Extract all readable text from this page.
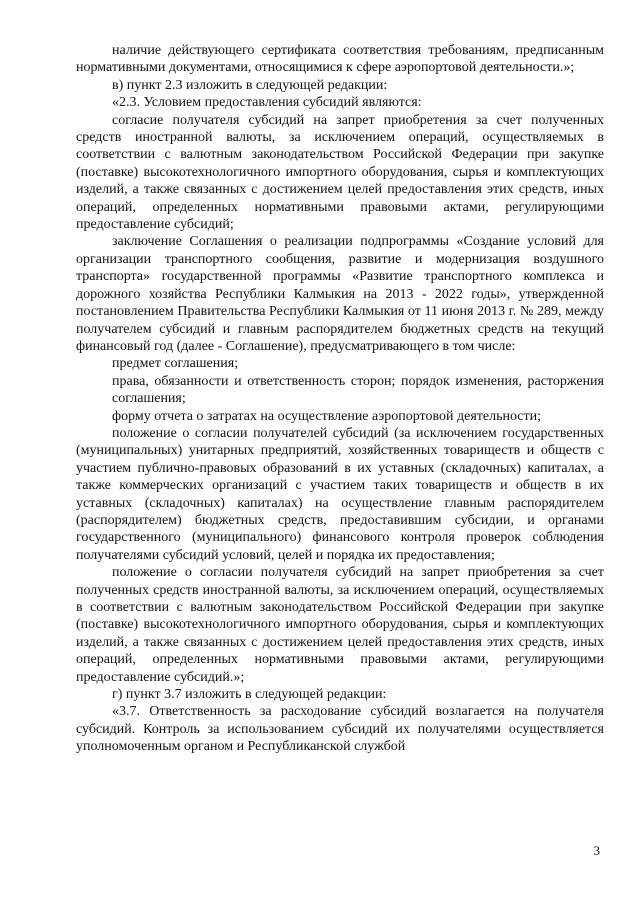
наличие действующего сертификата соответствия требованиям, предписанным нормативными документами, относящимися к сфере аэропортовой деятельности.»;

в) пункт 2.3 изложить в следующей редакции:

«2.3. Условием предоставления субсидий являются:

согласие получателя субсидий на запрет приобретения за счет полученных средств иностранной валюты, за исключением операций, осуществляемых в соответствии с валютным законодательством Российской Федерации при закупке (поставке) высокотехнологичного импортного оборудования, сырья и комплектующих изделий, а также связанных с достижением целей предоставления этих средств, иных операций, определенных нормативными правовыми актами, регулирующими предоставление субсидий;

заключение Соглашения о реализации подпрограммы «Создание условий для организации транспортного сообщения, развитие и модернизация воздушного транспорта» государственной программы «Развитие транспортного комплекса и дорожного хозяйства Республики Калмыкия на 2013 - 2022 годы», утвержденной постановлением Правительства Республики Калмыкия от 11 июня 2013 г. № 289, между получателем субсидий и главным распорядителем бюджетных средств на текущий финансовый год (далее - Соглашение), предусматривающего в том числе:

предмет соглашения;

права, обязанности и ответственность сторон; порядок изменения, расторжения соглашения;

форму отчета о затратах на осуществление аэропортовой деятельности;

положение о согласии получателей субсидий (за исключением государственных (муниципальных) унитарных предприятий, хозяйственных товариществ и обществ с участием публично-правовых образований в их уставных (складочных) капиталах, а также коммерческих организаций с участием таких товариществ и обществ в их уставных (складочных) капиталах) на осуществление главным распорядителем (распорядителем) бюджетных средств, предоставившим субсидии, и органами государственного (муниципального) финансового контроля проверок соблюдения получателями субсидий условий, целей и порядка их предоставления;

положение о согласии получателя субсидий на запрет приобретения за счет полученных средств иностранной валюты, за исключением операций, осуществляемых в соответствии с валютным законодательством Российской Федерации при закупке (поставке) высокотехнологичного импортного оборудования, сырья и комплектующих изделий, а также связанных с достижением целей предоставления этих средств, иных операций, определенных нормативными правовыми актами, регулирующими предоставление субсидий.»;

г) пункт 3.7 изложить в следующей редакции:

«3.7. Ответственность за расходование субсидий возлагается на получателя субсидий. Контроль за использованием субсидий их получателями осуществляется уполномоченным органом и Республиканской службой

3
